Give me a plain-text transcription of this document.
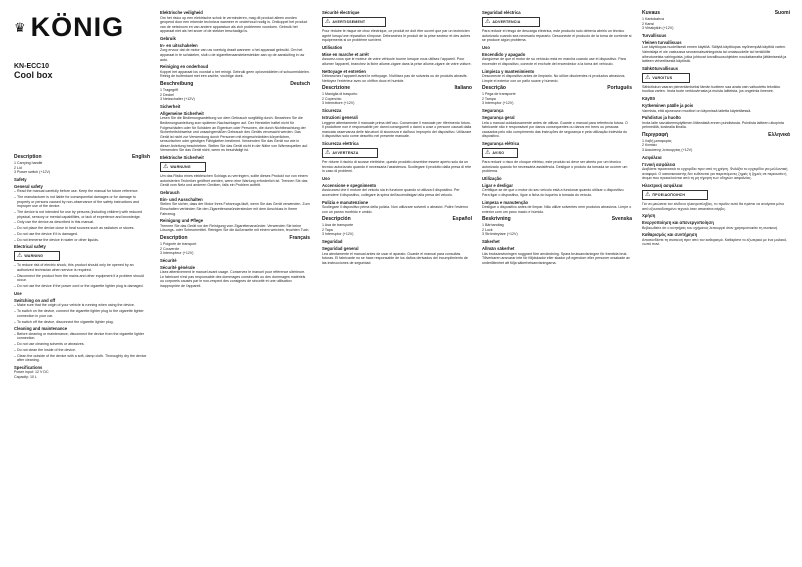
♛ KÖNIG
KN-ECC10
Cool box
Description	English
1 Carrying handle
2 Lid
3 Power switch (+12V)
Safety
General safety
– Read the manual carefully before use. Keep the manual for future reference.
– The manufacturer is not liable for consequential damages or for damage to property or persons caused by non-observance of the safety instructions and improper use of the device.
– The device is not intended for use by persons (including children) with reduced physical, sensory or mental capabilities, or lack of experience and knowledge.
– Only use the device as described in this manual.
– Do not place the device close to heat sources such as radiators or stoves.
– Do not use the device if it is damaged.
– Do not immerse the device in water or other liquids.
Electrical safety
⚠ WARNING
– To reduce risk of electric shock, this product should only be opened by an authorized technician when service is required.
– Disconnect the product from the mains and other equipment if a problem should occur.
– Do not use the device if the power cord or the cigarette lighter plug is damaged.
Use
Switching on and off
– Make sure that the origin of your vehicle is running when using the device.
– To switch on the device, connect the cigarette lighter plug to the cigarette lighter connection in your car.
– To switch off the device, disconnect the cigarette lighter plug.
Cleaning and maintenance
– Before cleaning or maintenance, disconnect the device from the cigarette lighter connection.
– Do not use cleaning solvents or abrasives.
– Do not clean the inside of the device.
– Clean the outside of the device with a soft, damp cloth. Thoroughly dry the device after cleaning.
Specifications
Power input: 12 V DC
Capacity: 10 L
Elektrische veiligheid
Om het risico op een elektrische schok te verminderen, mag dit product alleen worden geopend door een erkende technicus wanneer er onderhoud nodig is. Ontkoppel het product van de netstroom en van andere apparatuur als zich problemen voordoen. Gebruik het apparaat niet als het snoer of de stekker beschadigd is.
Gebruik
In- en uitschakelen
Zorg ervoor dat de motor van uw voertuig draait wanneer u het apparaat gebruikt. Om het apparaat in te schakelen, sluit u de sigarettenaanstekerstekker aan op de aansluiting in uw auto.
Reiniging en onderhoud
Koppel het apparaat los voordat u het reinigt. Gebruik geen oplosmiddelen of schuurmiddelen. Reinig de buitenkant met een zachte, vochtige doek.
Beschreibung	Deutsch
1 Tragegriff
2 Deckel
3 Netzschalter (+12V)
Sicherheit
Allgemeine Sicherheit
Lesen Sie die Bedienungsanleitung vor dem Gebrauch sorgfältig durch. Bewahren Sie die Bedienungsanleitung zum späteren Nachschlagen auf. Der Hersteller haftet nicht für Folgeschäden oder für Schäden an Eigentum oder Personen, die durch Nichtbeachtung der Sicherheitshinweise und unsachgemäßen Gebrauch des Geräts verursacht werden. Das Gerät ist nicht zur Verwendung durch Personen mit eingeschränkten körperlichen, sensorischen oder geistigen Fähigkeiten bestimmt. Verwenden Sie das Gerät nur wie in dieser Anleitung beschrieben. Stellen Sie das Gerät nicht in der Nähe von Wärmequellen auf. Verwenden Sie das Gerät nicht, wenn es beschädigt ist.
Elektrische Sicherheit
⚠ WARNUNG
Um das Risiko eines elektrischen Schlags zu verringern, sollte dieses Produkt nur von einem autorisierten Techniker geöffnet werden, wenn eine Wartung erforderlich ist. Trennen Sie das Gerät vom Netz und anderen Geräten, falls ein Problem auftritt.
Gebrauch
Ein- und Ausschalten
Stellen Sie sicher, dass der Motor Ihres Fahrzeugs läuft, wenn Sie das Gerät verwenden. Zum Einschalten verbinden Sie den Zigarettenanzünderstecker mit dem Anschluss in Ihrem Fahrzeug.
Reinigung und Pflege
Trennen Sie das Gerät vor der Reinigung vom Zigarettenanzünder. Verwenden Sie keine Lösungs- oder Scheuermittel. Reinigen Sie die Außenseite mit einem weichen, feuchten Tuch.
Description	Français
1 Poignée de transport
2 Couvercle
3 Interrupteur (+12V)
Sécurité
Sécurité générale
Lisez attentivement le manuel avant usage. Conservez le manuel pour référence ultérieure. Le fabricant n'est pas responsable des dommages consécutifs ou des dommages matériels ou corporels causés par le non-respect des consignes de sécurité et une utilisation inappropriée de l'appareil.
Sécurité électrique
⚠ AVERTISSEMENT
Pour réduire le risque de choc électrique, ce produit ne doit être ouvert que par un technicien agréé lorsqu'une réparation s'impose. Débranchez le produit de la prise secteur et des autres équipements si un problème survient.
Utilisation
Mise en marche et arrêt
Assurez-vous que le moteur de votre véhicule tourne lorsque vous utilisez l'appareil. Pour allumer l'appareil, branchez la fiche allume-cigare dans la prise allume-cigare de votre voiture.
Nettoyage et entretien
Débranchez l'appareil avant le nettoyage. N'utilisez pas de solvants ou de produits abrasifs. Nettoyez l'extérieur avec un chiffon doux et humide.
Descrizione	Italiano
1 Maniglia di trasporto
2 Coperchio
3 Interruttore (+12V)
Sicurezza
Istruzioni generali
Leggere attentamente il manuale prima dell'uso. Conservare il manuale per riferimento futuro. Il produttore non è responsabile per danni conseguenti o danni a cose o persone causati dalla mancata osservanza delle istruzioni di sicurezza e dall'uso improprio del dispositivo. Utilizzare il dispositivo solo come descritto nel presente manuale.
Sicurezza elettrica
⚠ AVVERTENZA
Per ridurre il rischio di scosse elettriche, questo prodotto dovrebbe essere aperto solo da un tecnico autorizzato quando è necessaria l'assistenza. Scollegare il prodotto dalla presa di rete in caso di problemi.
Uso
Accensione e spegnimento
Assicurarsi che il motore del veicolo sia in funzione quando si utilizza il dispositivo. Per accendere il dispositivo, collegare la spina dell'accendisigari alla presa del veicolo.
Pulizia e manutenzione
Scollegare il dispositivo prima della pulizia. Non utilizzare solventi o abrasivi. Pulire l'esterno con un panno morbido e umido.
Descripción	Español
1 Asa de transporte
2 Tapa
3 Interruptor (+12V)
Seguridad
Seguridad general
Lea atentamente el manual antes de usar el aparato. Guarde el manual para consultas futuras. El fabricante no se hace responsable de los daños derivados del incumplimiento de las instrucciones de seguridad.
Seguridad eléctrica
⚠ ADVERTENCIA
Para reducir el riesgo de descarga eléctrica, este producto solo debería abrirlo un técnico autorizado cuando sea necesario repararlo. Desconecte el producto de la toma de corriente si se produce algún problema.
Uso
Encendido y apagado
Asegúrese de que el motor de su vehículo está en marcha cuando use el dispositivo. Para encender el dispositivo, conecte el enchufe del encendedor a la toma del vehículo.
Limpieza y mantenimiento
Desconecte el dispositivo antes de limpiarlo. No utilice disolventes ni productos abrasivos. Limpie el exterior con un paño suave y húmedo.
Descrição	Português
1 Pega de transporte
2 Tampa
3 Interruptor (+12V)
Segurança
Segurança geral
Leia o manual cuidadosamente antes de utilizar. Guarde o manual para referência futura. O fabricante não é responsável por danos consequentes ou danos em bens ou pessoas causados pelo não cumprimento das instruções de segurança e pela utilização indevida do dispositivo.
Segurança elétrica
⚠ AVISO
Para reduzir o risco de choque elétrico, este produto só deve ser aberto por um técnico autorizado quando for necessária assistência. Desligue o produto da tomada se ocorrer um problema.
Utilização
Ligar e desligar
Certifique-se de que o motor do seu veículo está a funcionar quando utilizar o dispositivo. Para ligar o dispositivo, ligue a ficha do isqueiro à tomada do veículo.
Limpeza e manutenção
Desligue o dispositivo antes de limpar. Não utilize solventes nem produtos abrasivos. Limpe o exterior com um pano macio e húmido.
Beskrivning	Svenska
1 Bärhandtag
2 Lock
3 Strömbrytare (+12V)
Säkerhet
Allmän säkerhet
Läs bruksanvisningen noggrant före användning. Spara bruksanvisningen för framtida bruk. Tillverkaren ansvarar inte för följdskador eller skador på egendom eller personer orsakade av underlåtenhet att följa säkerhetsanvisningarna.
Kuvaus	Suomi
1 Kantokahva
2 Kansi
3 Virtakytkin (+12V)
Turvallisuus
Yleinen turvallisuus
Lue käyttöopas huolellisesti ennen käyttöä. Säilytä käyttöopas myöhempää käyttöä varten. Valmistaja ei ole vastuussa seurannaisvahingoista tai omaisuudelle tai henkilöille aiheutuneista vahingoista, jotka johtuvat turvallisuusohjeiden noudattamatta jättämisestä ja laitteen virheellisestä käytöstä.
Sähköturvallisuus
⚠ VAROITUS
Sähköiskun vaaran pienentämiseksi tämän tuotteen saa avata vain valtuutettu teknikko huoltoa varten. Irrota tuote verkkovirrasta ja muista laitteista, jos ongelmia ilmenee.
Käyttö
Kytkeminen päälle ja pois
Varmista, että ajoneuvon moottori on käynnissä laitetta käytettäessä.
Puhdistus ja huolto
Irrota laite savukkeensytyttimen liitännästä ennen puhdistusta. Puhdista laitteen ulkopinta pehmeällä, kostealla liinalla.
Περιγραφή	Ελληνικά
1 Λαβή μεταφοράς
2 Καπάκι
3 Διακόπτης λειτουργίας (+12V)
Ασφάλεια
Γενική ασφάλεια
Διαβάστε προσεκτικά το εγχειρίδιο πριν από τη χρήση. Φυλάξτε το εγχειρίδιο για μελλοντική αναφορά. Ο κατασκευαστής δεν ευθύνεται για παρεπόμενες ζημιές ή ζημιές σε περιουσία ή άτομα που προκαλούνται από τη μη τήρηση των οδηγιών ασφαλείας.
Ηλεκτρική ασφάλεια
⚠ ΠΡΟΕΙΔΟΠΟΙΗΣΗ
Για να μειώσετε τον κίνδυνο ηλεκτροπληξίας, το προϊόν αυτό θα πρέπει να ανοίγεται μόνο από εξουσιοδοτημένο τεχνικό όταν απαιτείται σέρβις.
Χρήση
Ενεργοποίηση και απενεργοποίηση
Βεβαιωθείτε ότι ο κινητήρας του οχήματος λειτουργεί όταν χρησιμοποιείτε τη συσκευή.
Καθαρισμός και συντήρηση
Αποσυνδέστε τη συσκευή πριν από τον καθαρισμό. Καθαρίστε το εξωτερικό με ένα μαλακό, νωπό πανί.
